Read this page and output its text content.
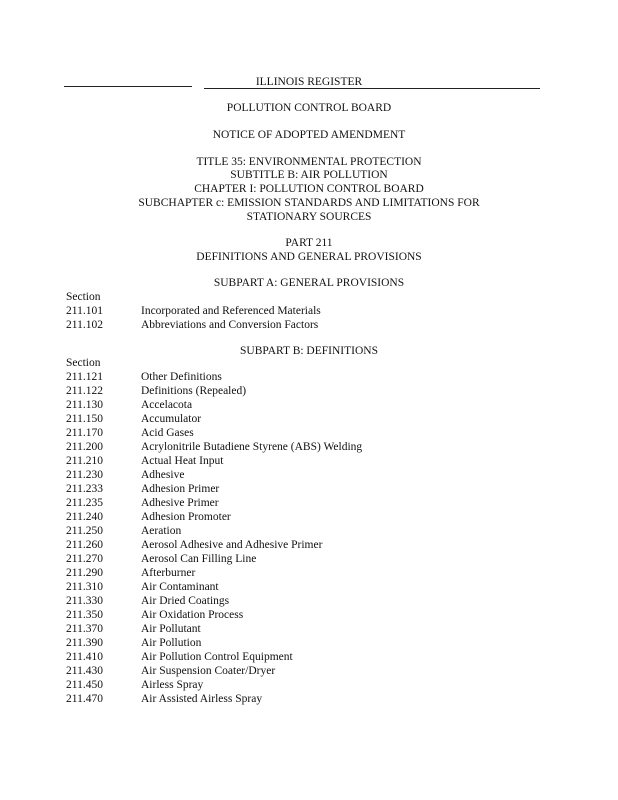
ILLINOIS REGISTER
POLLUTION CONTROL BOARD
NOTICE OF ADOPTED AMENDMENT
TITLE 35: ENVIRONMENTAL PROTECTION
SUBTITLE B: AIR POLLUTION
CHAPTER I: POLLUTION CONTROL BOARD
SUBCHAPTER c: EMISSION STANDARDS AND LIMITATIONS FOR
STATIONARY SOURCES
PART 211
DEFINITIONS AND GENERAL PROVISIONS
SUBPART A: GENERAL PROVISIONS
Section
211.101	Incorporated and Referenced Materials
211.102	Abbreviations and Conversion Factors
SUBPART B: DEFINITIONS
Section
211.121	Other Definitions
211.122	Definitions (Repealed)
211.130	Accelacota
211.150	Accumulator
211.170	Acid Gases
211.200	Acrylonitrile Butadiene Styrene (ABS) Welding
211.210	Actual Heat Input
211.230	Adhesive
211.233	Adhesion Primer
211.235	Adhesive Primer
211.240	Adhesion Promoter
211.250	Aeration
211.260	Aerosol Adhesive and Adhesive Primer
211.270	Aerosol Can Filling Line
211.290	Afterburner
211.310	Air Contaminant
211.330	Air Dried Coatings
211.350	Air Oxidation Process
211.370	Air Pollutant
211.390	Air Pollution
211.410	Air Pollution Control Equipment
211.430	Air Suspension Coater/Dryer
211.450	Airless Spray
211.470	Air Assisted Airless Spray
